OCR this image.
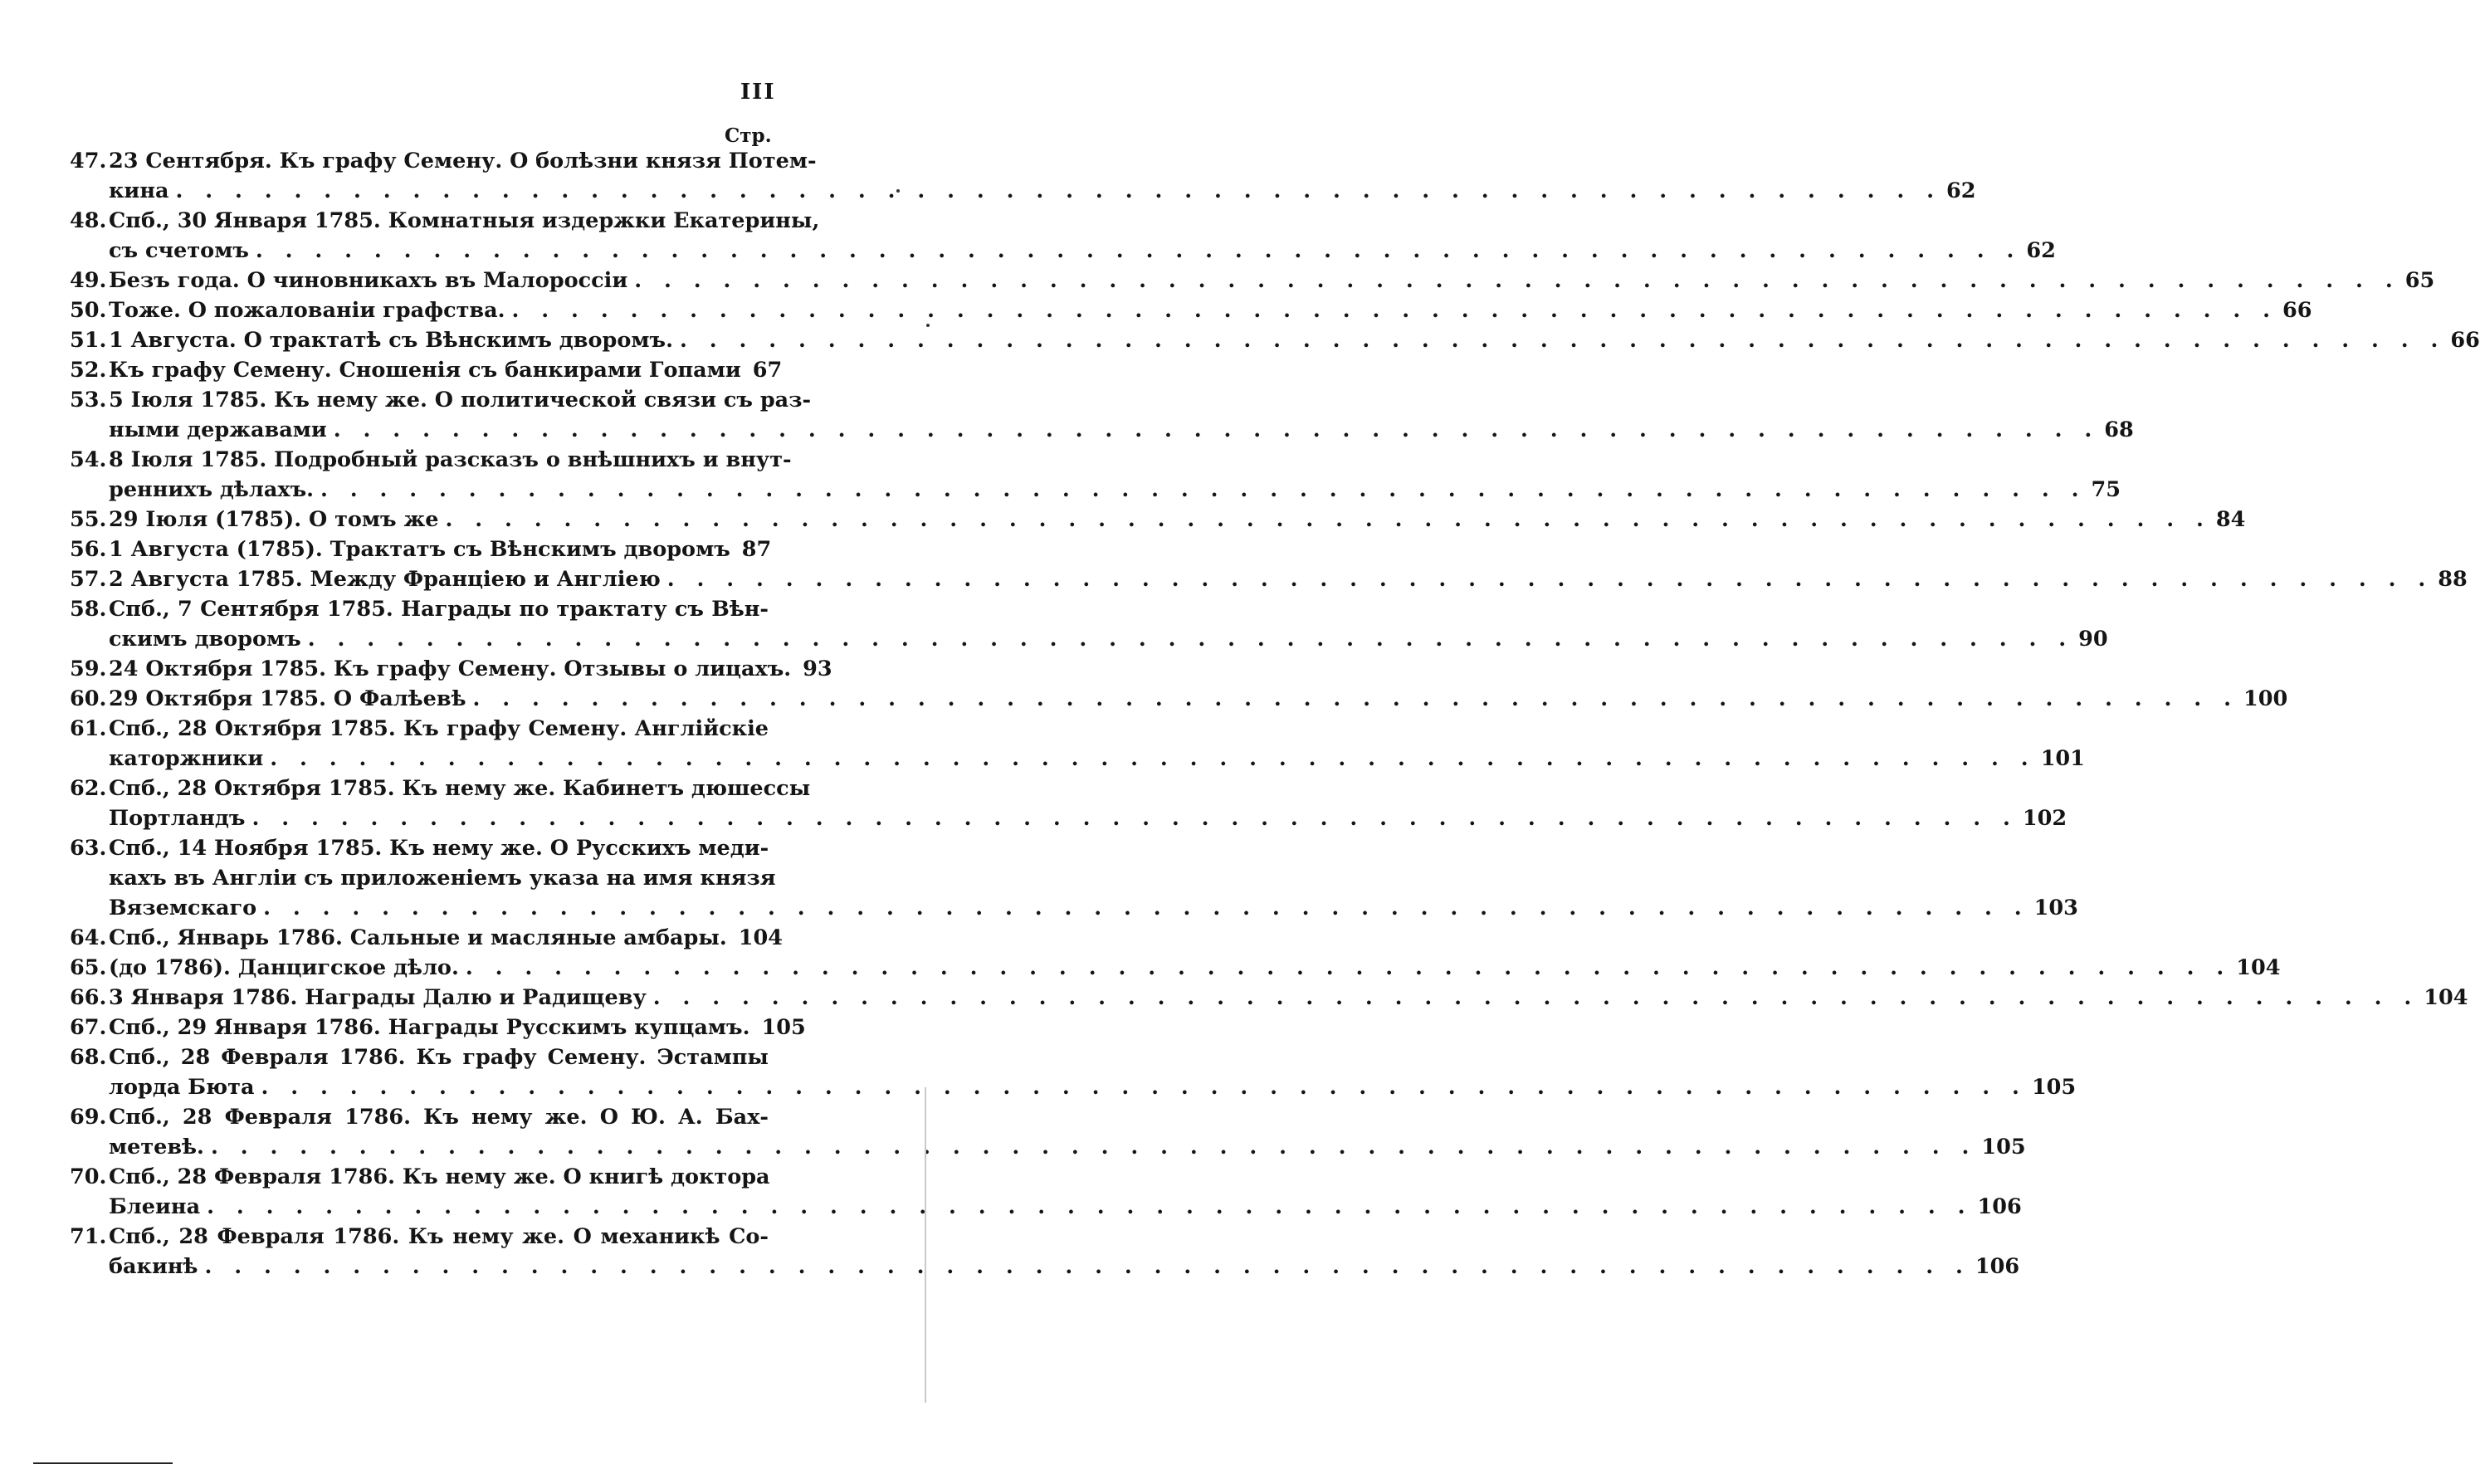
III
Стр.
47. 23 Сентября. Къ графу Семену. О болѣзни князя Потем-
кина . . .	62
48. Спб., 30 Января 1785. Комнатныя издержки Екатерины,
съ счетомъ . . .	62
49. Безъ года. О чиновникахъ въ Малороссіи . . .	65
50. Тоже. О пожалованіи графства. . . .	66
51. 1 Августа. О трактатѣ съ Вѣнскимъ дворомъ. . . .	66
52. Къ графу Семену. Сношенія съ банкирами Гопами 67
53. 5 Іюля 1785. Къ нему же. О политической связи съ раз-
ными державами . . .	68
54. 8 Іюля 1785. Подробный разсказъ о внѣшнихъ и внут-
реннихъ дѣлахъ. . . .	75
55. 29 Іюля (1785). О томъ же . . .	84
56. 1 Августа (1785). Трактатъ съ Вѣнскимъ дворомъ 87
57. 2 Августа 1785. Между Франціею и Англіею . . .	88
58. Спб., 7 Сентября 1785. Награды по трактату съ Вѣн-
скимъ дворомъ . . .	90
59. 24 Октября 1785. Къ графу Семену. Отзывы о лицахъ. 93
60. 29 Октября 1785. О Фалѣевѣ . . .	100
61. Спб., 28 Октября 1785. Къ графу Семену. Англійскіе
каторжники . . .	101
62. Спб., 28 Октября 1785. Къ нему же. Кабинетъ дюшессы
Портландъ . . .	102
63. Спб., 14 Ноября 1785. Къ нему же. О Русскихъ меди-
кахъ въ Англіи съ приложеніемъ указа на имя князя
Вяземскаго . . .	103
64. Спб., Январь 1786. Сальные и масляные амбары. 104
65. (до 1786). Данцигское дѣло. . . .	104
66. 3 Января 1786. Награды Далю и Радищеву . . .	104
67. Спб., 29 Января 1786. Награды Русскимъ купцамъ. 105
68. Спб., 28 Февраля 1786. Къ графу Семену. Эстампы
лорда Бюта . . .	105
69. Спб., 28 Февраля 1786. Къ нему же. О Ю. А. Бах-
метевѣ. . . .	105
70. Спб., 28 Февраля 1786. Къ нему же. О книгѣ доктора
Блеина . . .	106
71. Спб., 28 Февраля 1786. Къ нему же. О механикѣ Со-
бакинѣ . . .	106
